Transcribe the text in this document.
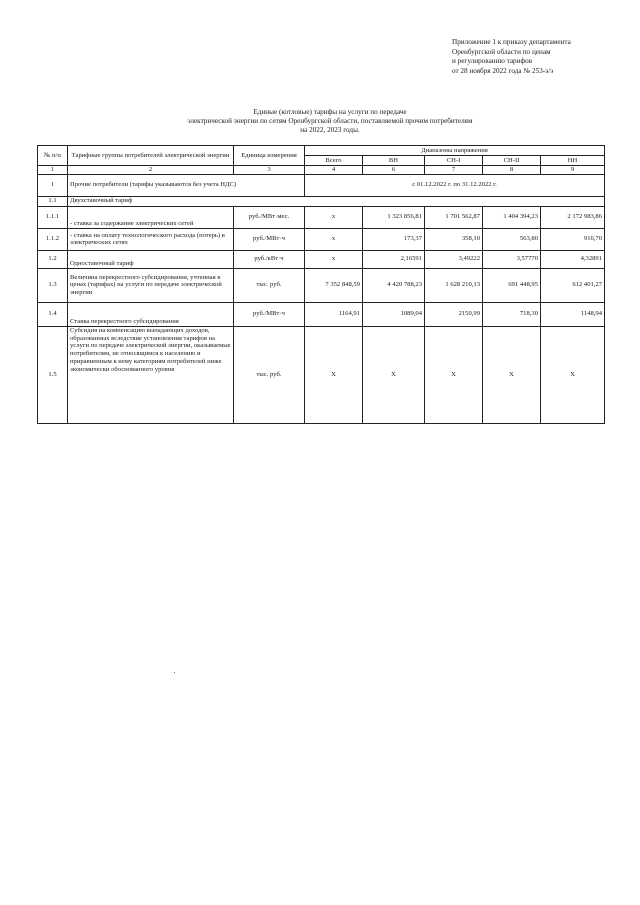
Приложение 1 к приказу департамента
Оренбургской области по ценам
и регулированию тарифов
от 28 ноября 2022 года № 253-э/э
Единые (котловые) тарифы на услуги по передаче
электрической энергии по сетям Оренбургской области, поставляемой прочим потребителям
на 2022, 2023 годы.
№ п/п	Тарифные группы потребителей электрической энергии	Единица измерения	Диапазоны напряжения				
			Всего	ВН	СН-I	СН-II	НН
1	2	3	4	6	7	8	9
1	Прочие потребители (тарифы указываются без учета НДС)		с 01.12.2022 г. по 31.12.2022 г.				
1.1	Двухставочный тариф						
1.1.1	- ставка за содержание электрических сетей	руб./МВт·мес.	х	1 323 856,81	1 701 562,87	1 404 394,23	2 172 983,86
1.1.2	- ставка на оплату технологического расхода (потерь) в электрических сетях	руб./МВт·ч	х	173,37	358,10	563,80	916,70
1.2	Одноставочный тариф	руб./кВт·ч	х	2,16591	3,49222	3,57770	4,32891
1.3	Величина перекрестного субсидирования, учтенная в ценах (тарифах) на услуги по передаче электрической энергии	тыс. руб.	7 352 848,59	4 420 788,23	1 628 210,13	691 448,95	612 401,27
1.4	Ставка перекрестного субсидирования	руб./МВт·ч	1164,91	1089,04	2150,99	718,30	1148,94
1.5	Субсидия на компенсацию выпадающих доходов, образованных вследствие установления тарифов на услуги по передаче электрической энергии, оказываемые потребителям, не относящимся к населению и приравненным к нему категориям потребителей ниже экономически обоснованного уровня	тыс. руб.	Х	Х	Х	Х	Х
